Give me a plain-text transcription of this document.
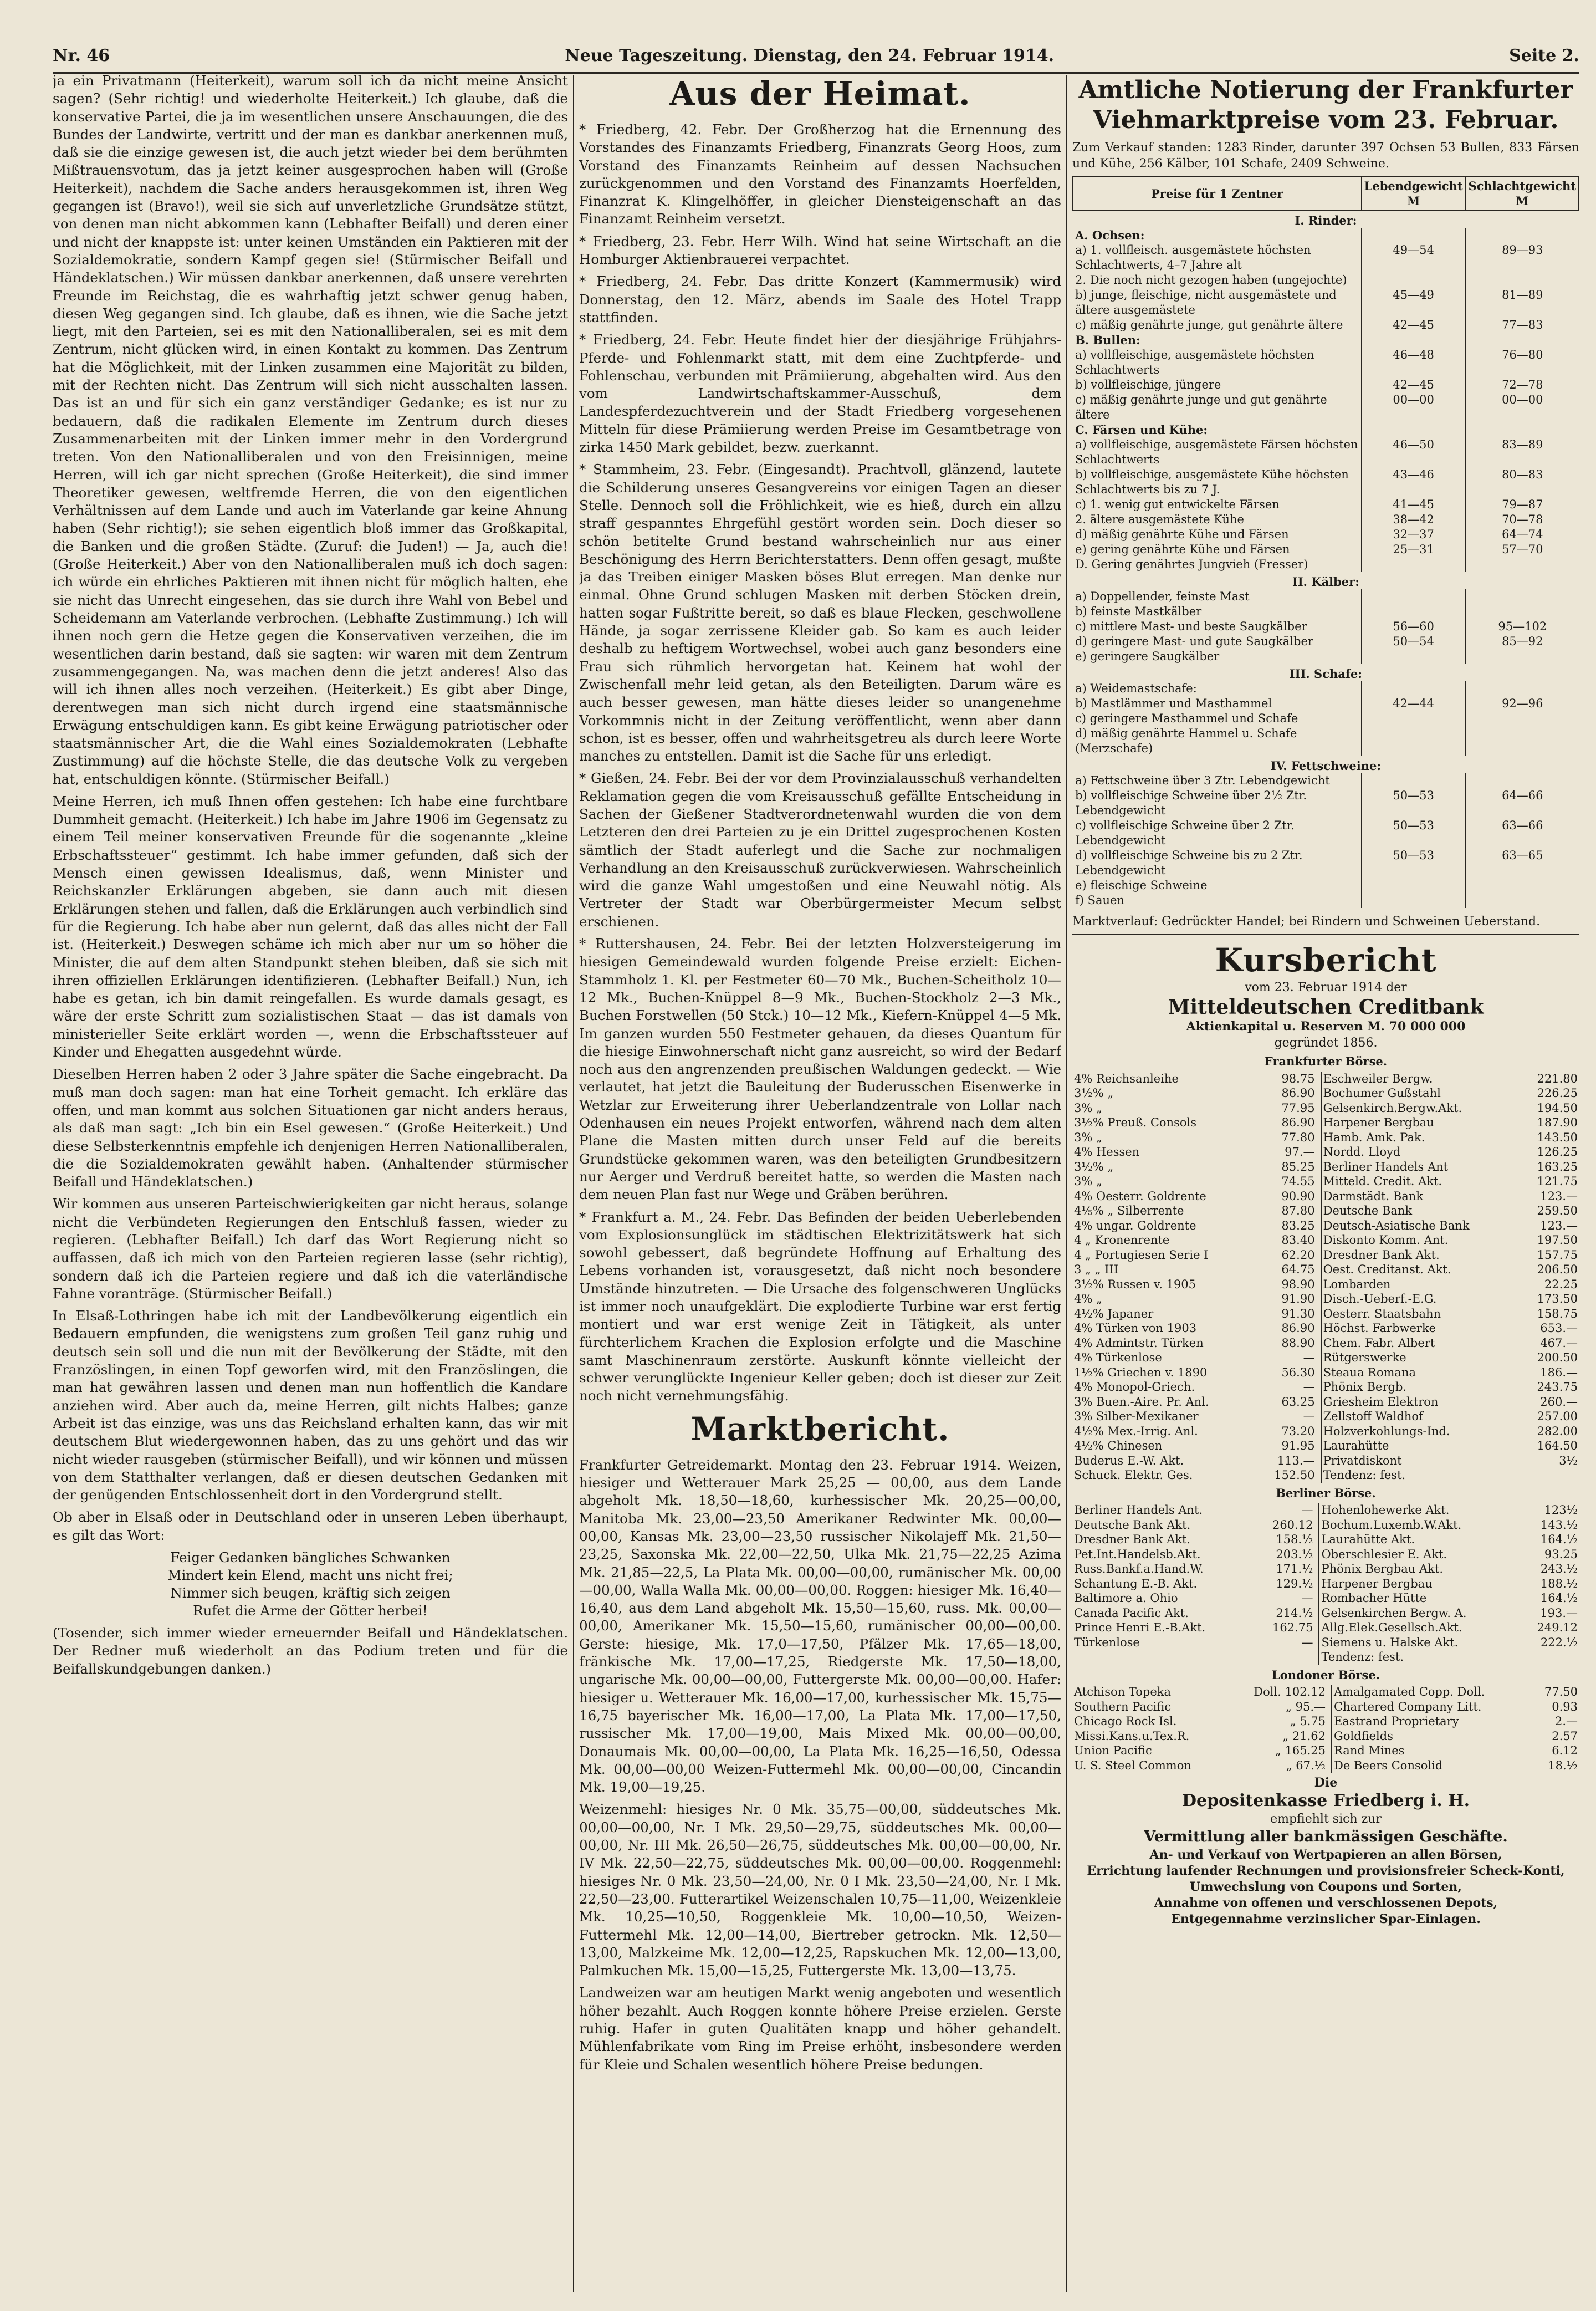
Nr. 46	Neue Tageszeitung. Dienstag, den 24. Februar 1914.	Seite 2.

ja ein Privatmann (Heiterkeit), warum soll ich da nicht meine Ansicht sagen? (Sehr richtig! und wiederholte Heiterkeit.) Ich glaube, daß die konservative Partei, die ja im wesentlichen unsere Anschauungen, die des Bundes der Landwirte, vertritt und der man es dankbar anerkennen muß, daß sie die einzige gewesen ist, die auch jetzt wieder bei dem berühmten Mißtrauensvotum, das ja jetzt keiner ausgesprochen haben will (Große Heiterkeit), nachdem die Sache anders herausgekommen ist, ihren Weg gegangen ist (Bravo!), weil sie sich auf unverletzliche Grundsätze stützt, von denen man nicht abkommen kann (Lebhafter Beifall) und deren einer und nicht der knappste ist: unter keinen Umständen ein Paktieren mit der Sozialdemokratie, sondern Kampf gegen sie! (Stürmischer Beifall und Händeklatschen.) Wir müssen dankbar anerkennen, daß unsere verehrten Freunde im Reichstag, die es wahrhaftig jetzt schwer genug haben, diesen Weg gegangen sind. Ich glaube, daß es ihnen, wie die Sache jetzt liegt, mit den Parteien, sei es mit den Nationalliberalen, sei es mit dem Zentrum, nicht glücken wird, in einen Kontakt zu kommen. Das Zentrum hat die Möglichkeit, mit der Linken zusammen eine Majorität zu bilden, mit der Rechten nicht. Das Zentrum will sich nicht ausschalten lassen. Das ist an und für sich ein ganz verständiger Gedanke; es ist nur zu bedauern, daß die radikalen Elemente im Zentrum durch dieses Zusammenarbeiten mit der Linken immer mehr in den Vordergrund treten. Von den Nationalliberalen und von den Freisinnigen, meine Herren, will ich gar nicht sprechen (Große Heiterkeit), die sind immer Theoretiker gewesen, weltfremde Herren, die von den eigentlichen Verhältnissen auf dem Lande und auch im Vaterlande gar keine Ahnung haben (Sehr richtig!); sie sehen eigentlich bloß immer das Großkapital, die Banken und die großen Städte. (Zuruf: die Juden!) — Ja, auch die! (Große Heiterkeit.) Aber von den Nationalliberalen muß ich doch sagen: ich würde ein ehrliches Paktieren mit ihnen nicht für möglich halten, ehe sie nicht das Unrecht eingesehen, das sie durch ihre Wahl von Bebel und Scheidemann am Vaterlande verbrochen. (Lebhafte Zustimmung.) Ich will ihnen noch gern die Hetze gegen die Konservativen verzeihen, die im wesentlichen darin bestand, daß sie sagten: wir waren mit dem Zentrum zusammengegangen. Na, was machen denn die jetzt anderes! Also das will ich ihnen alles noch verzeihen. (Heiterkeit.) Es gibt aber Dinge, derentwegen man sich nicht durch irgend eine staatsmännische Erwägung entschuldigen kann. Es gibt keine Erwägung patriotischer oder staatsmännischer Art, die die Wahl eines Sozialdemokraten (Lebhafte Zustimmung) auf die höchste Stelle, die das deutsche Volk zu vergeben hat, entschuldigen könnte. (Stürmischer Beifall.)

Meine Herren, ich muß Ihnen offen gestehen: Ich habe eine furchtbare Dummheit gemacht. (Heiterkeit.) Ich habe im Jahre 1906 im Gegensatz zu einem Teil meiner konservativen Freunde für die sogenannte „kleine Erbschaftssteuer“ gestimmt. Ich habe immer gefunden, daß sich der Mensch einen gewissen Idealismus, daß, wenn Minister und Reichskanzler Erklärungen abgeben, sie dann auch mit diesen Erklärungen stehen und fallen, daß die Erklärungen auch verbindlich sind für die Regierung. Ich habe aber nun gelernt, daß das alles nicht der Fall ist. (Heiterkeit.) Deswegen schäme ich mich aber nur um so höher die Minister, die auf dem alten Standpunkt stehen bleiben, daß sie sich mit ihren offiziellen Erklärungen identifizieren. (Lebhafter Beifall.) Nun, ich habe es getan, ich bin damit reingefallen. Es wurde damals gesagt, es wäre der erste Schritt zum sozialistischen Staat — das ist damals von ministerieller Seite erklärt worden —, wenn die Erbschaftssteuer auf Kinder und Ehegatten ausgedehnt würde.

Dieselben Herren haben 2 oder 3 Jahre später die Sache eingebracht. Da muß man doch sagen: man hat eine Torheit gemacht. Ich erkläre das offen, und man kommt aus solchen Situationen gar nicht anders heraus, als daß man sagt: „Ich bin ein Esel gewesen.“ (Große Heiterkeit.) Und diese Selbsterkenntnis empfehle ich denjenigen Herren Nationalliberalen, die die Sozialdemokraten gewählt haben. (Anhaltender stürmischer Beifall und Händeklatschen.)

Wir kommen aus unseren Parteischwierigkeiten gar nicht heraus, solange nicht die Verbündeten Regierungen den Entschluß fassen, wieder zu regieren. (Lebhafter Beifall.) Ich darf das Wort Regierung nicht so auffassen, daß ich mich von den Parteien regieren lasse (sehr richtig), sondern daß ich die Parteien regiere und daß ich die vaterländische Fahne voranträge. (Stürmischer Beifall.)

In Elsaß-Lothringen habe ich mit der Landbevölkerung eigentlich ein Bedauern empfunden, die wenigstens zum großen Teil ganz ruhig und deutsch sein soll und die nun mit der Bevölkerung der Städte, mit den Französlingen, in einen Topf geworfen wird, mit den Französlingen, die man hat gewähren lassen und denen man nun hoffentlich die Kandare anziehen wird. Aber auch da, meine Herren, gilt nichts Halbes; ganze Arbeit ist das einzige, was uns das Reichsland erhalten kann, das wir mit deutschem Blut wiedergewonnen haben, das zu uns gehört und das wir nicht wieder rausgeben (stürmischer Beifall), und wir können und müssen von dem Statthalter verlangen, daß er diesen deutschen Gedanken mit der genügenden Entschlossenheit dort in den Vordergrund stellt.

Ob aber in Elsaß oder in Deutschland oder in unseren Leben überhaupt, es gilt das Wort:

Feiger Gedanken bängliches Schwanken
Mindert kein Elend, macht uns nicht frei;
Nimmer sich beugen, kräftig sich zeigen
Rufet die Arme der Götter herbei!

(Tosender, sich immer wieder erneuernder Beifall und Händeklatschen. Der Redner muß wiederholt an das Podium treten und für die Beifallskundgebungen danken.)

Aus der Heimat.

* Friedberg, 42. Febr. Der Großherzog hat die Ernennung des Vorstandes des Finanzamts Friedberg, Finanzrats Georg Hoos, zum Vorstand des Finanzamts Reinheim auf dessen Nachsuchen zurückgenommen und den Vorstand des Finanzamts Hoerfelden, Finanzrat K. Klingelhöffer, in gleicher Diensteigenschaft an das Finanzamt Reinheim versetzt.

* Friedberg, 23. Febr. Herr Wilh. Wind hat seine Wirtschaft an die Homburger Aktienbrauerei verpachtet.

* Friedberg, 24. Febr. Das dritte Konzert (Kammermusik) wird Donnerstag, den 12. März, abends im Saale des Hotel Trapp stattfinden.

* Friedberg, 24. Febr. Heute findet hier der diesjährige Frühjahrs-Pferde- und Fohlenmarkt statt, mit dem eine Zuchtpferde- und Fohlenschau, verbunden mit Prämiierung, abgehalten wird. Aus den vom Landwirtschaftskammer-Ausschuß, dem Landespferdezuchtverein und der Stadt Friedberg vorgesehenen Mitteln für diese Prämiierung werden Preise im Gesamtbetrage von zirka 1450 Mark gebildet, bezw. zuerkannt.

* Stammheim, 23. Febr. (Eingesandt). Prachtvoll, glänzend, lautete die Schilderung unseres Gesangvereins vor einigen Tagen an dieser Stelle. Dennoch soll die Fröhlichkeit, wie es hieß, durch ein allzu straff gespanntes Ehrgefühl gestört worden sein. Doch dieser so schön betitelte Grund bestand wahrscheinlich nur aus einer Beschönigung des Herrn Berichterstatters. Denn offen gesagt, mußte ja das Treiben einiger Masken böses Blut erregen. Man denke nur einmal. Ohne Grund schlugen Masken mit derben Stöcken drein, hatten sogar Fußtritte bereit, so daß es blaue Flecken, geschwollene Hände, ja sogar zerrissene Kleider gab. So kam es auch leider deshalb zu heftigem Wortwechsel, wobei auch ganz besonders eine Frau sich rühmlich hervorgetan hat. Keinem hat wohl der Zwischenfall mehr leid getan, als den Beteiligten. Darum wäre es auch besser gewesen, man hätte dieses leider so unangenehme Vorkommnis nicht in der Zeitung veröffentlicht, wenn aber dann schon, ist es besser, offen und wahrheitsgetreu als durch leere Worte manches zu entstellen. Damit ist die Sache für uns erledigt.

* Gießen, 24. Febr. Bei der vor dem Provinzialausschuß verhandelten Reklamation gegen die vom Kreisausschuß gefällte Entscheidung in Sachen der Gießener Stadtverordnetenwahl wurden die von dem Letzteren den drei Parteien zu je ein Drittel zugesprochenen Kosten sämtlich der Stadt auferlegt und die Sache zur nochmaligen Verhandlung an den Kreisausschuß zurückverwiesen. Wahrscheinlich wird die ganze Wahl umgestoßen und eine Neuwahl nötig. Als Vertreter der Stadt war Oberbürgermeister Mecum selbst erschienen.

* Ruttershausen, 24. Febr. Bei der letzten Holzversteigerung im hiesigen Gemeindewald wurden folgende Preise erzielt: Eichen-Stammholz 1. Kl. per Festmeter 60—70 Mk., Buchen-Scheitholz 10—12 Mk., Buchen-Knüppel 8—9 Mk., Buchen-Stockholz 2—3 Mk., Buchen Forstwellen (50 Stck.) 10—12 Mk., Kiefern-Knüppel 4—5 Mk. Im ganzen wurden 550 Festmeter gehauen, da dieses Quantum für die hiesige Einwohnerschaft nicht ganz ausreicht, so wird der Bedarf noch aus den angrenzenden preußischen Waldungen gedeckt. — Wie verlautet, hat jetzt die Bauleitung der Buderusschen Eisenwerke in Wetzlar zur Erweiterung ihrer Ueberlandzentrale von Lollar nach Odenhausen ein neues Projekt entworfen, während nach dem alten Plane die Masten mitten durch unser Feld auf die bereits Grundstücke gekommen waren, was den beteiligten Grundbesitzern nur Aerger und Verdruß bereitet hatte, so werden die Masten nach dem neuen Plan fast nur Wege und Gräben berühren.

* Frankfurt a. M., 24. Febr. Das Befinden der beiden Ueberlebenden vom Explosionsunglück im städtischen Elektrizitätswerk hat sich sowohl gebessert, daß begründete Hoffnung auf Erhaltung des Lebens vorhanden ist, vorausgesetzt, daß nicht noch besondere Umstände hinzutreten. — Die Ursache des folgenschweren Unglücks ist immer noch unaufgeklärt. Die explodierte Turbine war erst fertig montiert und war erst wenige Zeit in Tätigkeit, als unter fürchterlichem Krachen die Explosion erfolgte und die Maschine samt Maschinenraum zerstörte. Auskunft könnte vielleicht der schwer verunglückte Ingenieur Keller geben; doch ist dieser zur Zeit noch nicht vernehmungsfähig.

Marktbericht.

Frankfurter Getreidemarkt. Montag den 23. Februar 1914. Weizen, hiesiger und Wetterauer Mark 25,25 — 00,00, aus dem Lande abgeholt Mk. 18,50—18,60, kurhessischer Mk. 20,25—00,00, Manitoba Mk. 23,00—23,50 Amerikaner Redwinter Mk. 00,00—00,00, Kansas Mk. 23,00—23,50 russischer Nikolajeff Mk. 21,50—23,25, Saxonska Mk. 22,00—22,50, Ulka Mk. 21,75—22,25 Azima Mk. 21,85—22,5, La Plata Mk. 00,00—00,00, rumänischer Mk. 00,00—00,00, Walla Walla Mk. 00,00—00,00. Roggen: hiesiger Mk. 16,40—16,40, aus dem Land abgeholt Mk. 15,50—15,60, russ. Mk. 00,00—00,00, Amerikaner Mk. 15,50—15,60, rumänischer 00,00—00,00. Gerste: hiesige, Mk. 17,0—17,50, Pfälzer Mk. 17,65—18,00, fränkische Mk. 17,00—17,25, Riedgerste Mk. 17,50—18,00, ungarische Mk. 00,00—00,00, Futtergerste Mk. 00,00—00,00. Hafer: hiesiger u. Wetterauer Mk. 16,00—17,00, kurhessischer Mk. 15,75—16,75 bayerischer Mk. 16,00—17,00, La Plata Mk. 17,00—17,50, russischer Mk. 17,00—19,00, Mais Mixed Mk. 00,00—00,00, Donaumais Mk. 00,00—00,00, La Plata Mk. 16,25—16,50, Odessa Mk. 00,00—00,00 Weizen-Futtermehl Mk. 00,00—00,00, Cincandin Mk. 19,00—19,25.

Weizenmehl: hiesiges Nr. 0 Mk. 35,75—00,00, süddeutsches Mk. 00,00—00,00, Nr. I Mk. 29,50—29,75, süddeutsches Mk. 00,00—00,00, Nr. III Mk. 26,50—26,75, süddeutsches Mk. 00,00—00,00, Nr. IV Mk. 22,50—22,75, süddeutsches Mk. 00,00—00,00. Roggenmehl: hiesiges Nr. 0 Mk. 23,50—24,00, Nr. 0 I Mk. 23,50—24,00, Nr. I Mk. 22,50—23,00. Futterartikel Weizenschalen 10,75—11,00, Weizenkleie Mk. 10,25—10,50, Roggenkleie Mk. 10,00—10,50, Weizen-Futtermehl Mk. 12,00—14,00, Biertreber getrockn. Mk. 12,50—13,00, Malzkeime Mk. 12,00—12,25, Rapskuchen Mk. 12,00—13,00, Palmkuchen Mk. 15,00—15,25, Futtergerste Mk. 13,00—13,75.

Landweizen war am heutigen Markt wenig angeboten und wesentlich höher bezahlt. Auch Roggen konnte höhere Preise erzielen. Gerste ruhig. Hafer in guten Qualitäten knapp und höher gehandelt. Mühlenfabrikate vom Ring im Preise erhöht, insbesondere werden für Kleie und Schalen wesentlich höhere Preise bedungen.

Amtliche Notierung der Frankfurter Viehmarktpreise vom 23. Februar.

Zum Verkauf standen: 1283 Rinder, darunter 397 Ochsen 53 Bullen, 833 Färsen und Kühe, 256 Kälber, 101 Schafe, 2409 Schweine.

Preise für 1 Zentner	Lebendgewicht M	Schlachtgewicht M
I. Rinder:		
A. Ochsen:		
a) 1. vollfleisch. ausgemästete höchsten Schlachtwerts, 4–7 Jahre alt	49—54	89—93
2. Die noch nicht gezogen haben (ungejochte)		
b) junge, fleischige, nicht ausgemästete und ältere ausgemästete	45—49	81—89
c) mäßig genährte junge, gut genährte ältere	42—45	77—83
B. Bullen:		
a) vollfleischige, ausgemästete höchsten Schlachtwerts	46—48	76—80
b) vollfleischige, jüngere	42—45	72—78
c) mäßig genährte junge und gut genährte ältere	00—00	00—00
C. Färsen und Kühe:		
a) vollfleischige, ausgemästete Färsen höchsten Schlachtwerts	46—50	83—89
b) vollfleischige, ausgemästete Kühe höchsten Schlachtwerts bis zu 7 J.	43—46	80—83
c) 1. wenig gut entwickelte Färsen	41—45	79—87
2. ältere ausgemästete Kühe	38—42	70—78
d) mäßig genährte Kühe und Färsen	32—37	64—74
e) gering genährte Kühe und Färsen	25—31	57—70
D. Gering genährtes Jungvieh (Fresser)		
II. Kälber:		
a) Doppellender, feinste Mast		
b) feinste Mastkälber		
c) mittlere Mast- und beste Saugkälber	56—60	95—102
d) geringere Mast- und gute Saugkälber	50—54	85—92
e) geringere Saugkälber		
III. Schafe:		
a) Weidemastschafe:		
b) Mastlämmer und Masthammel	42—44	92—96
c) geringere Masthammel und Schafe		
d) mäßig genährte Hammel u. Schafe (Merzschafe)		
IV. Fettschweine:		
a) Fettschweine über 3 Ztr. Lebendgewicht		
b) vollfleischige Schweine über 2½ Ztr. Lebendgewicht	50—53	64—66
c) vollfleischige Schweine über 2 Ztr. Lebendgewicht	50—53	63—66
d) vollfleischige Schweine bis zu 2 Ztr. Lebendgewicht	50—53	63—65
e) fleischige Schweine		
f) Sauen		

Marktverlauf: Gedrückter Handel; bei Rindern und Schweinen Ueberstand.

Kursbericht
vom 23. Februar 1914 der
Mitteldeutschen Creditbank
Aktienkapital u. Reserven M. 70 000 000
gegründet 1856.
Frankfurter Börse.			
4% Reichsanleihe	98.75	Eschweiler Bergw.	221.80
3½% „	86.90	Bochumer Gußstahl	226.25
3% „	77.95	Gelsenkirch.Bergw.Akt.	194.50
3½% Preuß. Consols	86.90	Harpener Bergbau	187.90
3% „	77.80	Hamb. Amk. Pak.	143.50
4% Hessen	97.—	Nordd. Lloyd	126.25
3½% „	85.25	Berliner Handels Ant	163.25
3% „	74.55	Mitteld. Credit. Akt.	121.75
4% Oesterr. Goldrente	90.90	Darmstädt. Bank	123.—
4⅕% „ Silberrente	87.80	Deutsche Bank	259.50
4% ungar. Goldrente	83.25	Deutsch-Asiatische Bank	123.—
4 „ Kronenrente	83.40	Diskonto Komm. Ant.	197.50
4 „ Portugiesen Serie I	62.20	Dresdner Bank Akt.	157.75
3 „ „ III	64.75	Oest. Creditanst. Akt.	206.50
3½% Russen v. 1905	98.90	Lombarden	22.25
4% „	91.90	Disch.-Ueberf.-E.G.	173.50
4½% Japaner	91.30	Oesterr. Staatsbahn	158.75
4% Türken von 1903	86.90	Höchst. Farbwerke	653.—
4% Admintstr. Türken	88.90	Chem. Fabr. Albert	467.—
4% Türkenlose	—	Rütgerswerke	200.50
1½% Griechen v. 1890	56.30	Steaua Romana	186.—
4% Monopol-Griech.	—	Phönix Bergb.	243.75
3% Buen.-Aire. Pr. Anl.	63.25	Griesheim Elektron	260.—
3% Silber-Mexikaner	—	Zellstoff Waldhof	257.00
4½% Mex.-Irrig. Anl.	73.20	Holzverkohlungs-Ind.	282.00
4½% Chinesen	91.95	Laurahütte	164.50
Buderus E.-W. Akt.	113.—	Privatdiskont	3½
Schuck. Elektr. Ges.	152.50	Tendenz: fest.	
Berliner Börse.			
Berliner Handels Ant.	—	Hohenlohewerke Akt.	123½
Deutsche Bank Akt.	260.12	Bochum.Luxemb.W.Akt.	143.½
Dresdner Bank Akt.	158.½	Laurahütte Akt.	164.½
Pet.Int.Handelsb.Akt.	203.½	Oberschlesier E. Akt.	93.25
Russ.Bankf.a.Hand.W.	171.½	Phönix Bergbau Akt.	243.½
Schantung E.-B. Akt.	129.½	Harpener Bergbau	188.½
Baltimore a. Ohio	—	Rombacher Hütte	164.½
Canada Pacific Akt.	214.½	Gelsenkirchen Bergw. A.	193.—
Prince Henri E.-B.Akt.	162.75	Allg.Elek.Gesellsch.Akt.	249.12
Türkenlose	—	Siemens u. Halske Akt.	222.½
		Tendenz: fest.	
Londoner Börse.			
Atchison Topeka	Doll. 102.12	Amalgamated Copp. Doll.	77.50
Southern Pacific	„ 95.—	Chartered Company Litt.	0.93
Chicago Rock Isl.	„ 5.75	Eastrand Proprietary	2.—
Missi.Kans.u.Tex.R.	„ 21.62	Goldfields	2.57
Union Pacific	„ 165.25	Rand Mines	6.12
U. S. Steel Common	„ 67.½	De Beers Consolid	18.½
Die
Depositenkasse Friedberg i. H.
empfiehlt sich zur
Vermittlung aller bankmässigen Geschäfte.
An- und Verkauf von Wertpapieren an allen Börsen,
Errichtung laufender Rechnungen und provisionsfreier Scheck-Konti,
Umwechslung von Coupons und Sorten,
Annahme von offenen und verschlossenen Depots,
Entgegennahme verzinslicher Spar-Einlagen.
